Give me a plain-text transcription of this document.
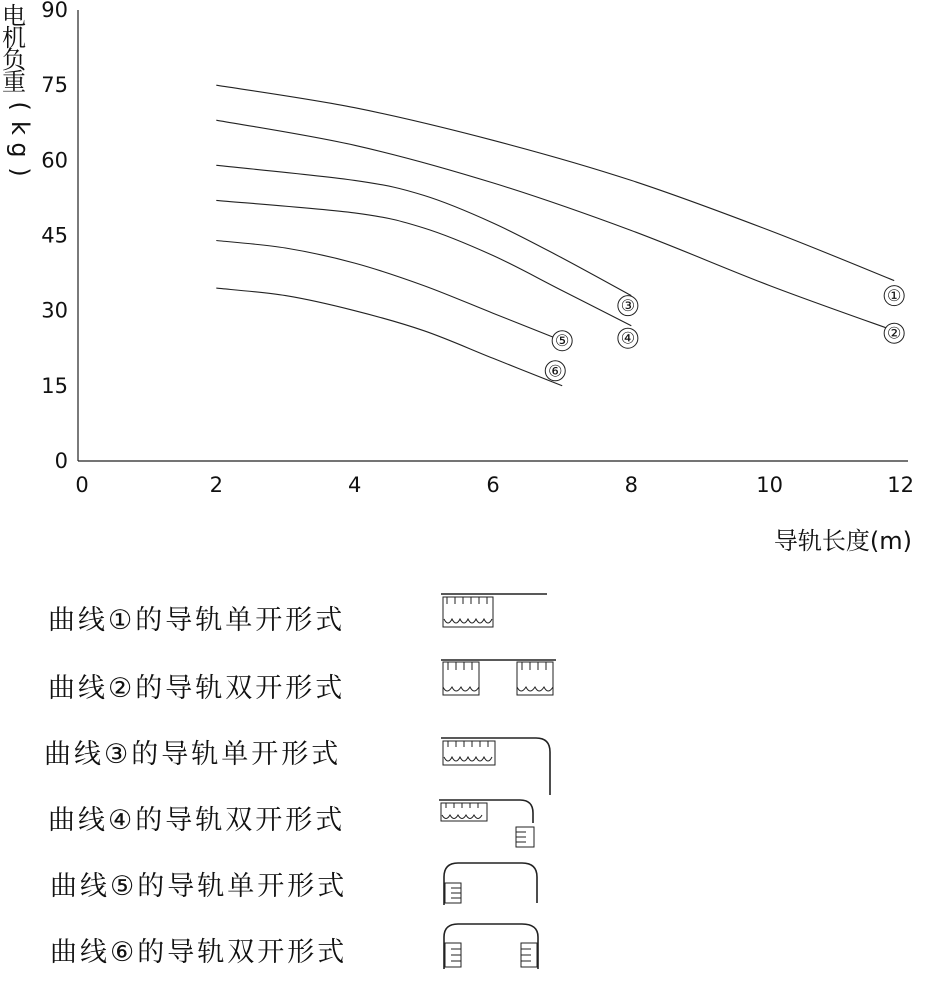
0
15
30
45
60
75
90
0	2	4	6	8	10	12
电
机
负
重
(
k
g
)
导轨长度(m)
①
②
③
④
⑤
⑥
曲线①的导轨单开形式
曲线②的导轨双开形式
曲线③的导轨单开形式
曲线④的导轨双开形式
曲线⑤的导轨单开形式
曲线⑥的导轨双开形式
